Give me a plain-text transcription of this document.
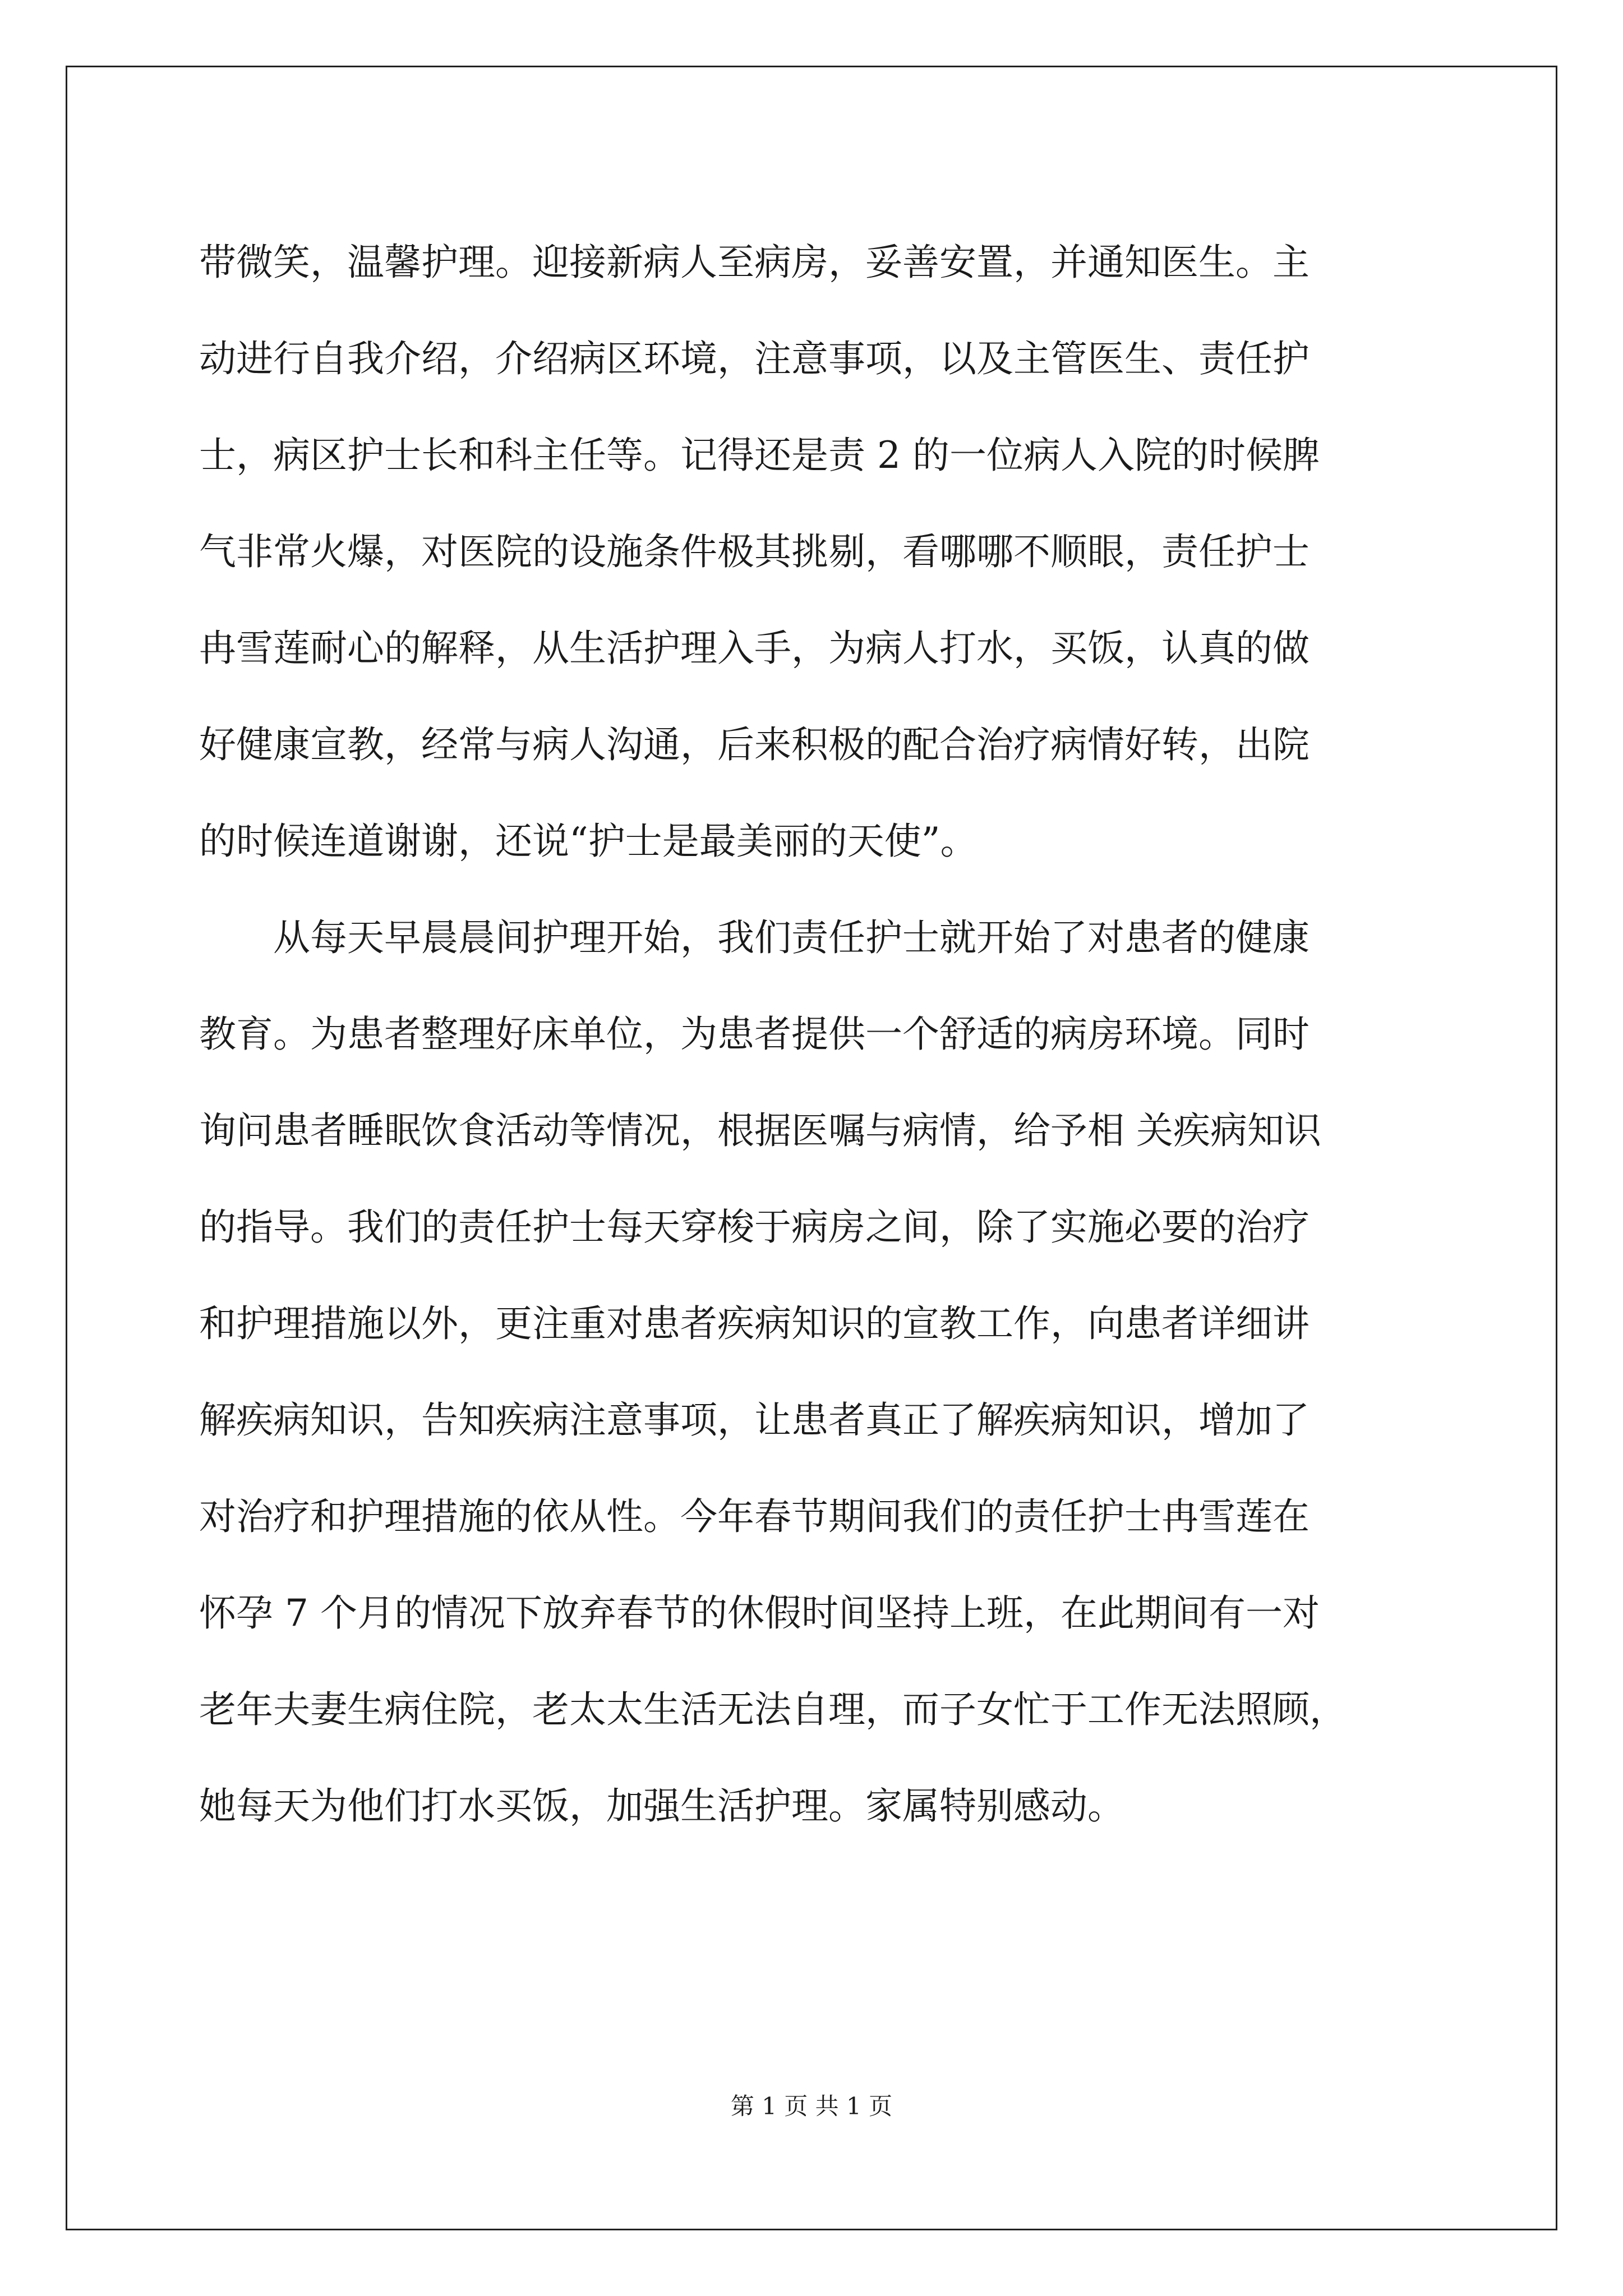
带微笑，温馨护理。迎接新病人至病房，妥善安置，并通知医生。主
动进行自我介绍，介绍病区环境，注意事项，以及主管医生、责任护
士，病区护士长和科主任等。记得还是责 2 的一位病人入院的时候脾
气非常火爆，对医院的设施条件极其挑剔，看哪哪不顺眼，责任护士
冉雪莲耐心的解释，从生活护理入手，为病人打水，买饭，认真的做
好健康宣教，经常与病人沟通，后来积极的配合治疗病情好转，出院
的时候连道谢谢，还说“护士是最美丽的天使”。

从每天早晨晨间护理开始，我们责任护士就开始了对患者的健康
教育。为患者整理好床单位，为患者提供一个舒适的病房环境。同时
询问患者睡眠饮食活动等情况，根据医嘱与病情，给予相 关疾病知识
的指导。我们的责任护士每天穿梭于病房之间，除了实施必要的治疗
和护理措施以外，更注重对患者疾病知识的宣教工作，向患者详细讲
解疾病知识，告知疾病注意事项，让患者真正了解疾病知识，增加了
对治疗和护理措施的依从性。今年春节期间我们的责任护士冉雪莲在
怀孕 7 个月的情况下放弃春节的休假时间坚持上班，在此期间有一对
老年夫妻生病住院，老太太生活无法自理，而子女忙于工作无法照顾，
她每天为他们打水买饭，加强生活护理。家属特别感动。

第 1 页 共 1 页
